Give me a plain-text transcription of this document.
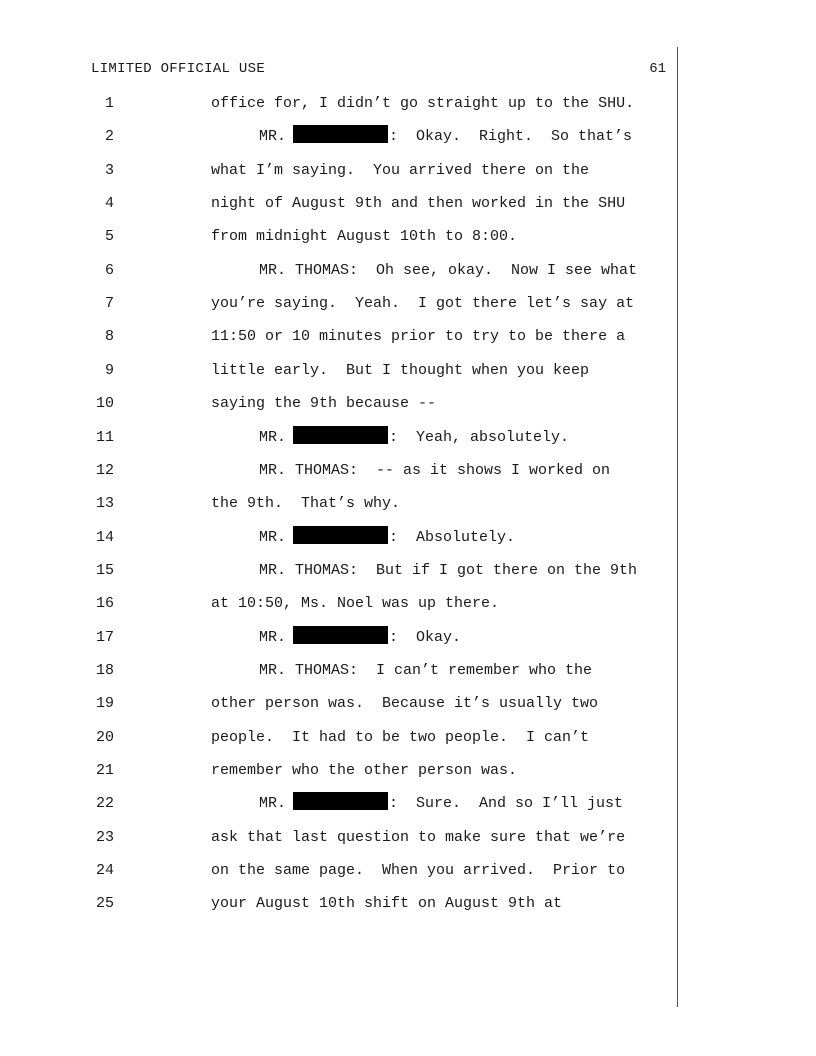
LIMITED OFFICIAL USE	61
1	office for, I didn’t go straight up to the SHU.
2	MR.	:  Okay.  Right.  So that’s
3	what I’m saying.  You arrived there on the
4	night of August 9th and then worked in the SHU
5	from midnight August 10th to 8:00.
6	MR. THOMAS:  Oh see, okay.  Now I see what
7	you’re saying.  Yeah.  I got there let’s say at
8	11:50 or 10 minutes prior to try to be there a
9	little early.  But I thought when you keep
10	saying the 9th because --
11	MR.	:  Yeah, absolutely.
12	MR. THOMAS:  -- as it shows I worked on
13	the 9th.  That’s why.
14	MR.	:  Absolutely.
15	MR. THOMAS:  But if I got there on the 9th
16	at 10:50, Ms. Noel was up there.
17	MR.	:  Okay.
18	MR. THOMAS:  I can’t remember who the
19	other person was.  Because it’s usually two
20	people.  It had to be two people.  I can’t
21	remember who the other person was.
22	MR.	:  Sure.  And so I’ll just
23	ask that last question to make sure that we’re
24	on the same page.  When you arrived.  Prior to
25	your August 10th shift on August 9th at
